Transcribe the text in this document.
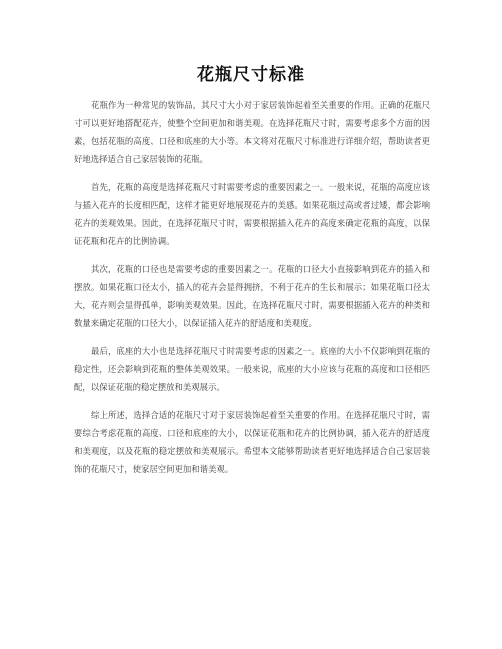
花瓶尺寸标准

花瓶作为一种常见的装饰品，其尺寸大小对于家居装饰起着至关重要的作用。正确的花瓶尺寸可以更好地搭配花卉，使整个空间更加和谐美观。在选择花瓶尺寸时，需要考虑多个方面的因素，包括花瓶的高度、口径和底座的大小等。本文将对花瓶尺寸标准进行详细介绍，帮助读者更好地选择适合自己家居装饰的花瓶。

首先，花瓶的高度是选择花瓶尺寸时需要考虑的重要因素之一。一般来说，花瓶的高度应该与插入花卉的长度相匹配，这样才能更好地展现花卉的美感。如果花瓶过高或者过矮，都会影响花卉的美观效果。因此，在选择花瓶尺寸时，需要根据插入花卉的高度来确定花瓶的高度，以保证花瓶和花卉的比例协调。

其次，花瓶的口径也是需要考虑的重要因素之一。花瓶的口径大小直接影响到花卉的插入和摆放。如果花瓶口径太小，插入的花卉会显得拥挤，不利于花卉的生长和展示；如果花瓶口径太大，花卉则会显得孤单，影响美观效果。因此，在选择花瓶尺寸时，需要根据插入花卉的种类和数量来确定花瓶的口径大小，以保证插入花卉的舒适度和美观度。

最后，底座的大小也是选择花瓶尺寸时需要考虑的因素之一。底座的大小不仅影响到花瓶的稳定性，还会影响到花瓶的整体美观效果。一般来说，底座的大小应该与花瓶的高度和口径相匹配，以保证花瓶的稳定摆放和美观展示。

综上所述，选择合适的花瓶尺寸对于家居装饰起着至关重要的作用。在选择花瓶尺寸时，需要综合考虑花瓶的高度、口径和底座的大小，以保证花瓶和花卉的比例协调，插入花卉的舒适度和美观度，以及花瓶的稳定摆放和美观展示。希望本文能够帮助读者更好地选择适合自己家居装饰的花瓶尺寸，使家居空间更加和谐美观。
